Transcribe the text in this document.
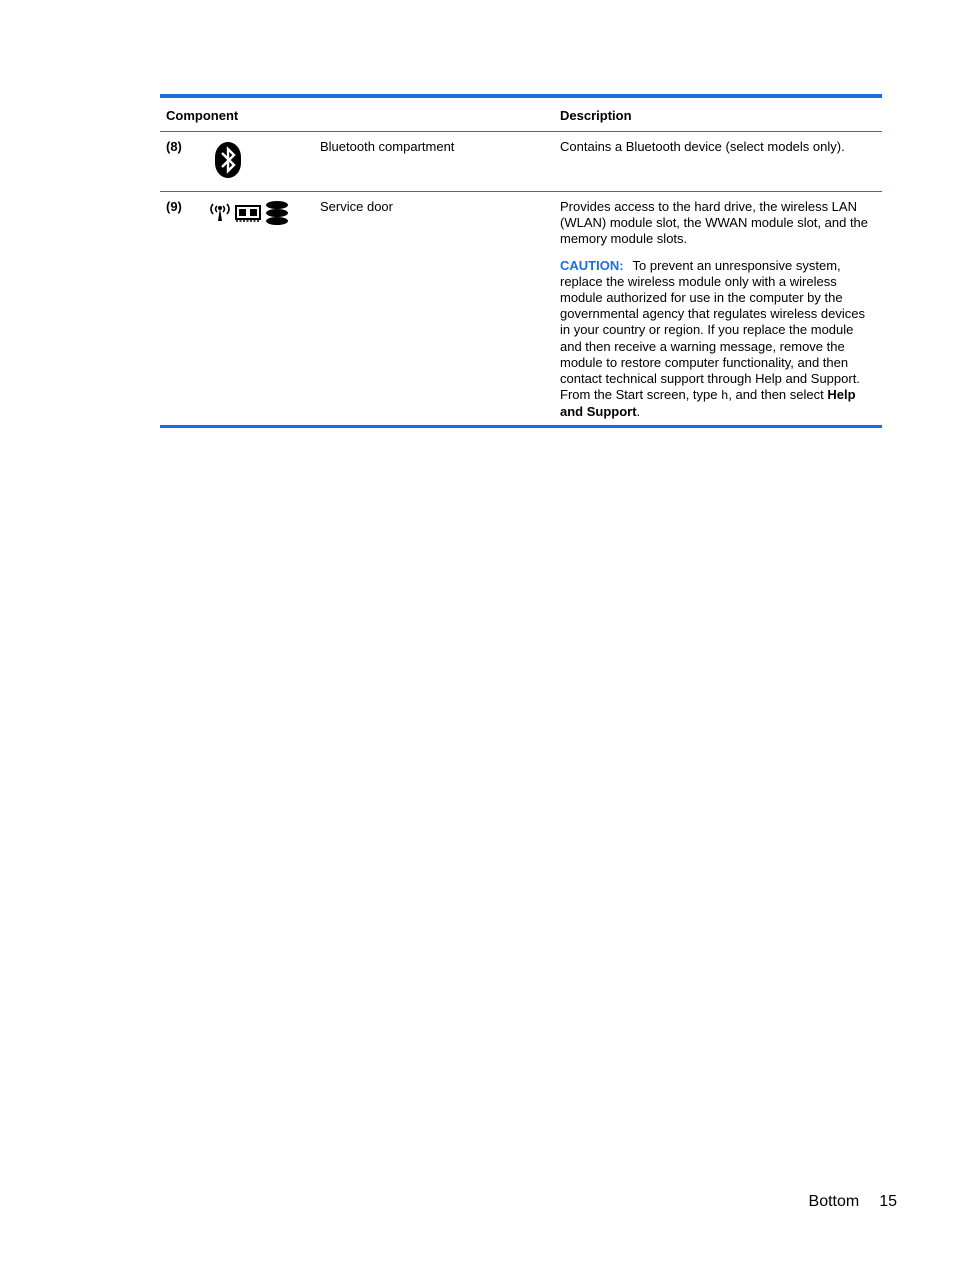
Component	Description
(8)	Bluetooth compartment	Contains a Bluetooth device (select models only).
(9)	Service door	Provides access to the hard drive, the wireless LAN (WLAN) module slot, the WWAN module slot, and the memory module slots.

CAUTION: To prevent an unresponsive system, replace the wireless module only with a wireless module authorized for use in the computer by the governmental agency that regulates wireless devices in your country or region. If you replace the module and then receive a warning message, remove the module to restore computer functionality, and then contact technical support through Help and Support. From the Start screen, type h, and then select Help and Support.

Bottom 15
